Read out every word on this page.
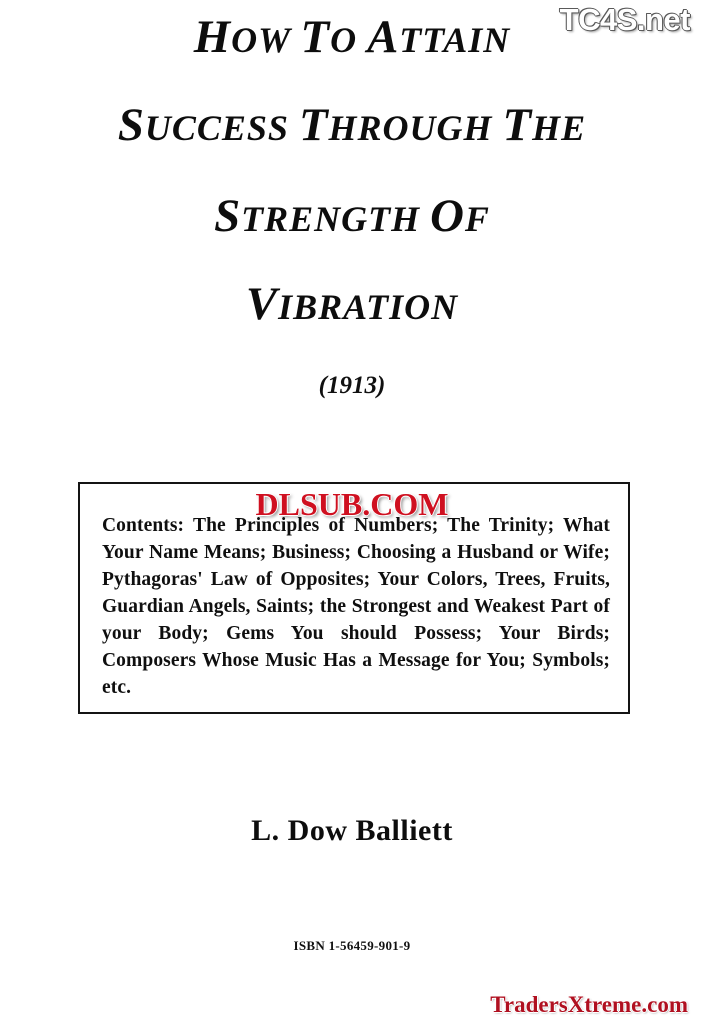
HOW TO ATTAIN
SUCCESS THROUGH THE
STRENGTH OF
VIBRATION
(1913)
Contents: The Principles of Numbers; The Trinity; What Your Name Means; Business; Choosing a Husband or Wife; Pythagoras' Law of Opposites; Your Colors, Trees, Fruits, Guardian Angels, Saints; the Strongest and Weakest Part of your Body; Gems You should Possess; Your Birds; Composers Whose Music Has a Message for You; Symbols; etc.
L. Dow Balliett
ISBN 1-56459-901-9
TC4S.net
DLSUB.COM
TradersXtreme.com
